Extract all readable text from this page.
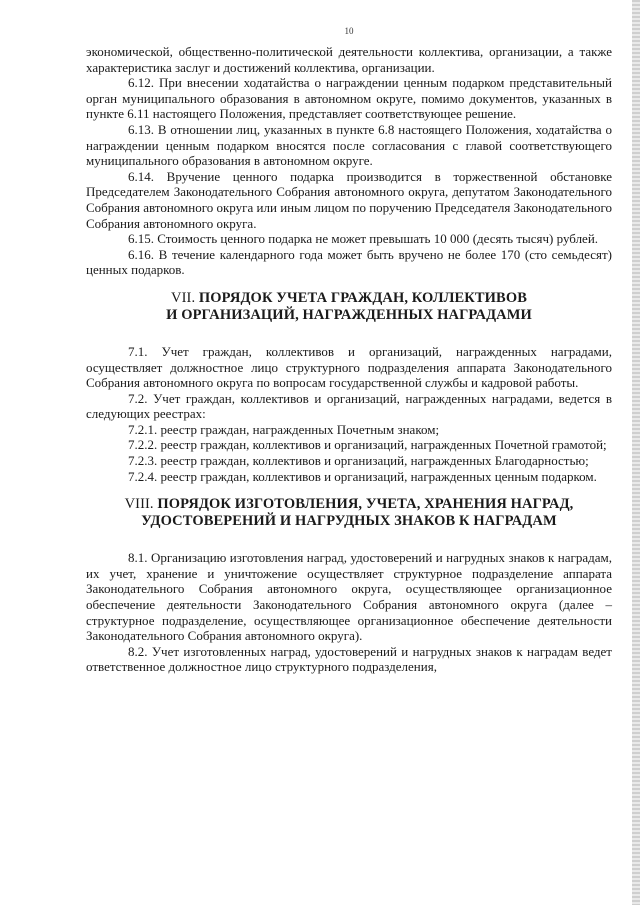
10

экономической, общественно-политической деятельности коллектива, организации, а также характеристика заслуг и достижений коллектива, организации.

6.12. При внесении ходатайства о награждении ценным подарком представительный орган муниципального образования в автономном округе, помимо документов, указанных в пункте 6.11 настоящего Положения, представляет соответствующее решение.

6.13. В отношении лиц, указанных в пункте 6.8 настоящего Положения, ходатайства о награждении ценным подарком вносятся после согласования с главой соответствующего муниципального образования в автономном округе.

6.14. Вручение ценного подарка производится в торжественной обстановке Председателем Законодательного Собрания автономного округа, депутатом Законодательного Собрания автономного округа или иным лицом по поручению Председателя Законодательного Собрания автономного округа.

6.15. Стоимость ценного подарка не может превышать 10 000 (десять тысяч) рублей.

6.16. В течение календарного года может быть вручено не более 170 (сто семьдесят) ценных подарков.

VII. ПОРЯДОК УЧЕТА ГРАЖДАН, КОЛЛЕКТИВОВ
И ОРГАНИЗАЦИЙ, НАГРАЖДЕННЫХ НАГРАДАМИ

7.1. Учет граждан, коллективов и организаций, награжденных наградами, осуществляет должностное лицо структурного подразделения аппарата Законодательного Собрания автономного округа по вопросам государственной службы и кадровой работы.

7.2. Учет граждан, коллективов и организаций, награжденных наградами, ведется в следующих реестрах:

7.2.1. реестр граждан, награжденных Почетным знаком;

7.2.2. реестр граждан, коллективов и организаций, награжденных Почетной грамотой;

7.2.3. реестр граждан, коллективов и организаций, награжденных Благодарностью;

7.2.4. реестр граждан, коллективов и организаций, награжденных ценным подарком.

VIII. ПОРЯДОК ИЗГОТОВЛЕНИЯ, УЧЕТА, ХРАНЕНИЯ НАГРАД,
УДОСТОВЕРЕНИЙ И НАГРУДНЫХ ЗНАКОВ К НАГРАДАМ

8.1. Организацию изготовления наград, удостоверений и нагрудных знаков к наградам, их учет, хранение и уничтожение осуществляет структурное подразделение аппарата Законодательного Собрания автономного округа, осуществляющее организационное обеспечение деятельности Законодательного Собрания автономного округа (далее – структурное подразделение, осуществляющее организационное обеспечение деятельности Законодательного Собрания автономного округа).

8.2. Учет изготовленных наград, удостоверений и нагрудных знаков к наградам ведет ответственное должностное лицо структурного подразделения,
